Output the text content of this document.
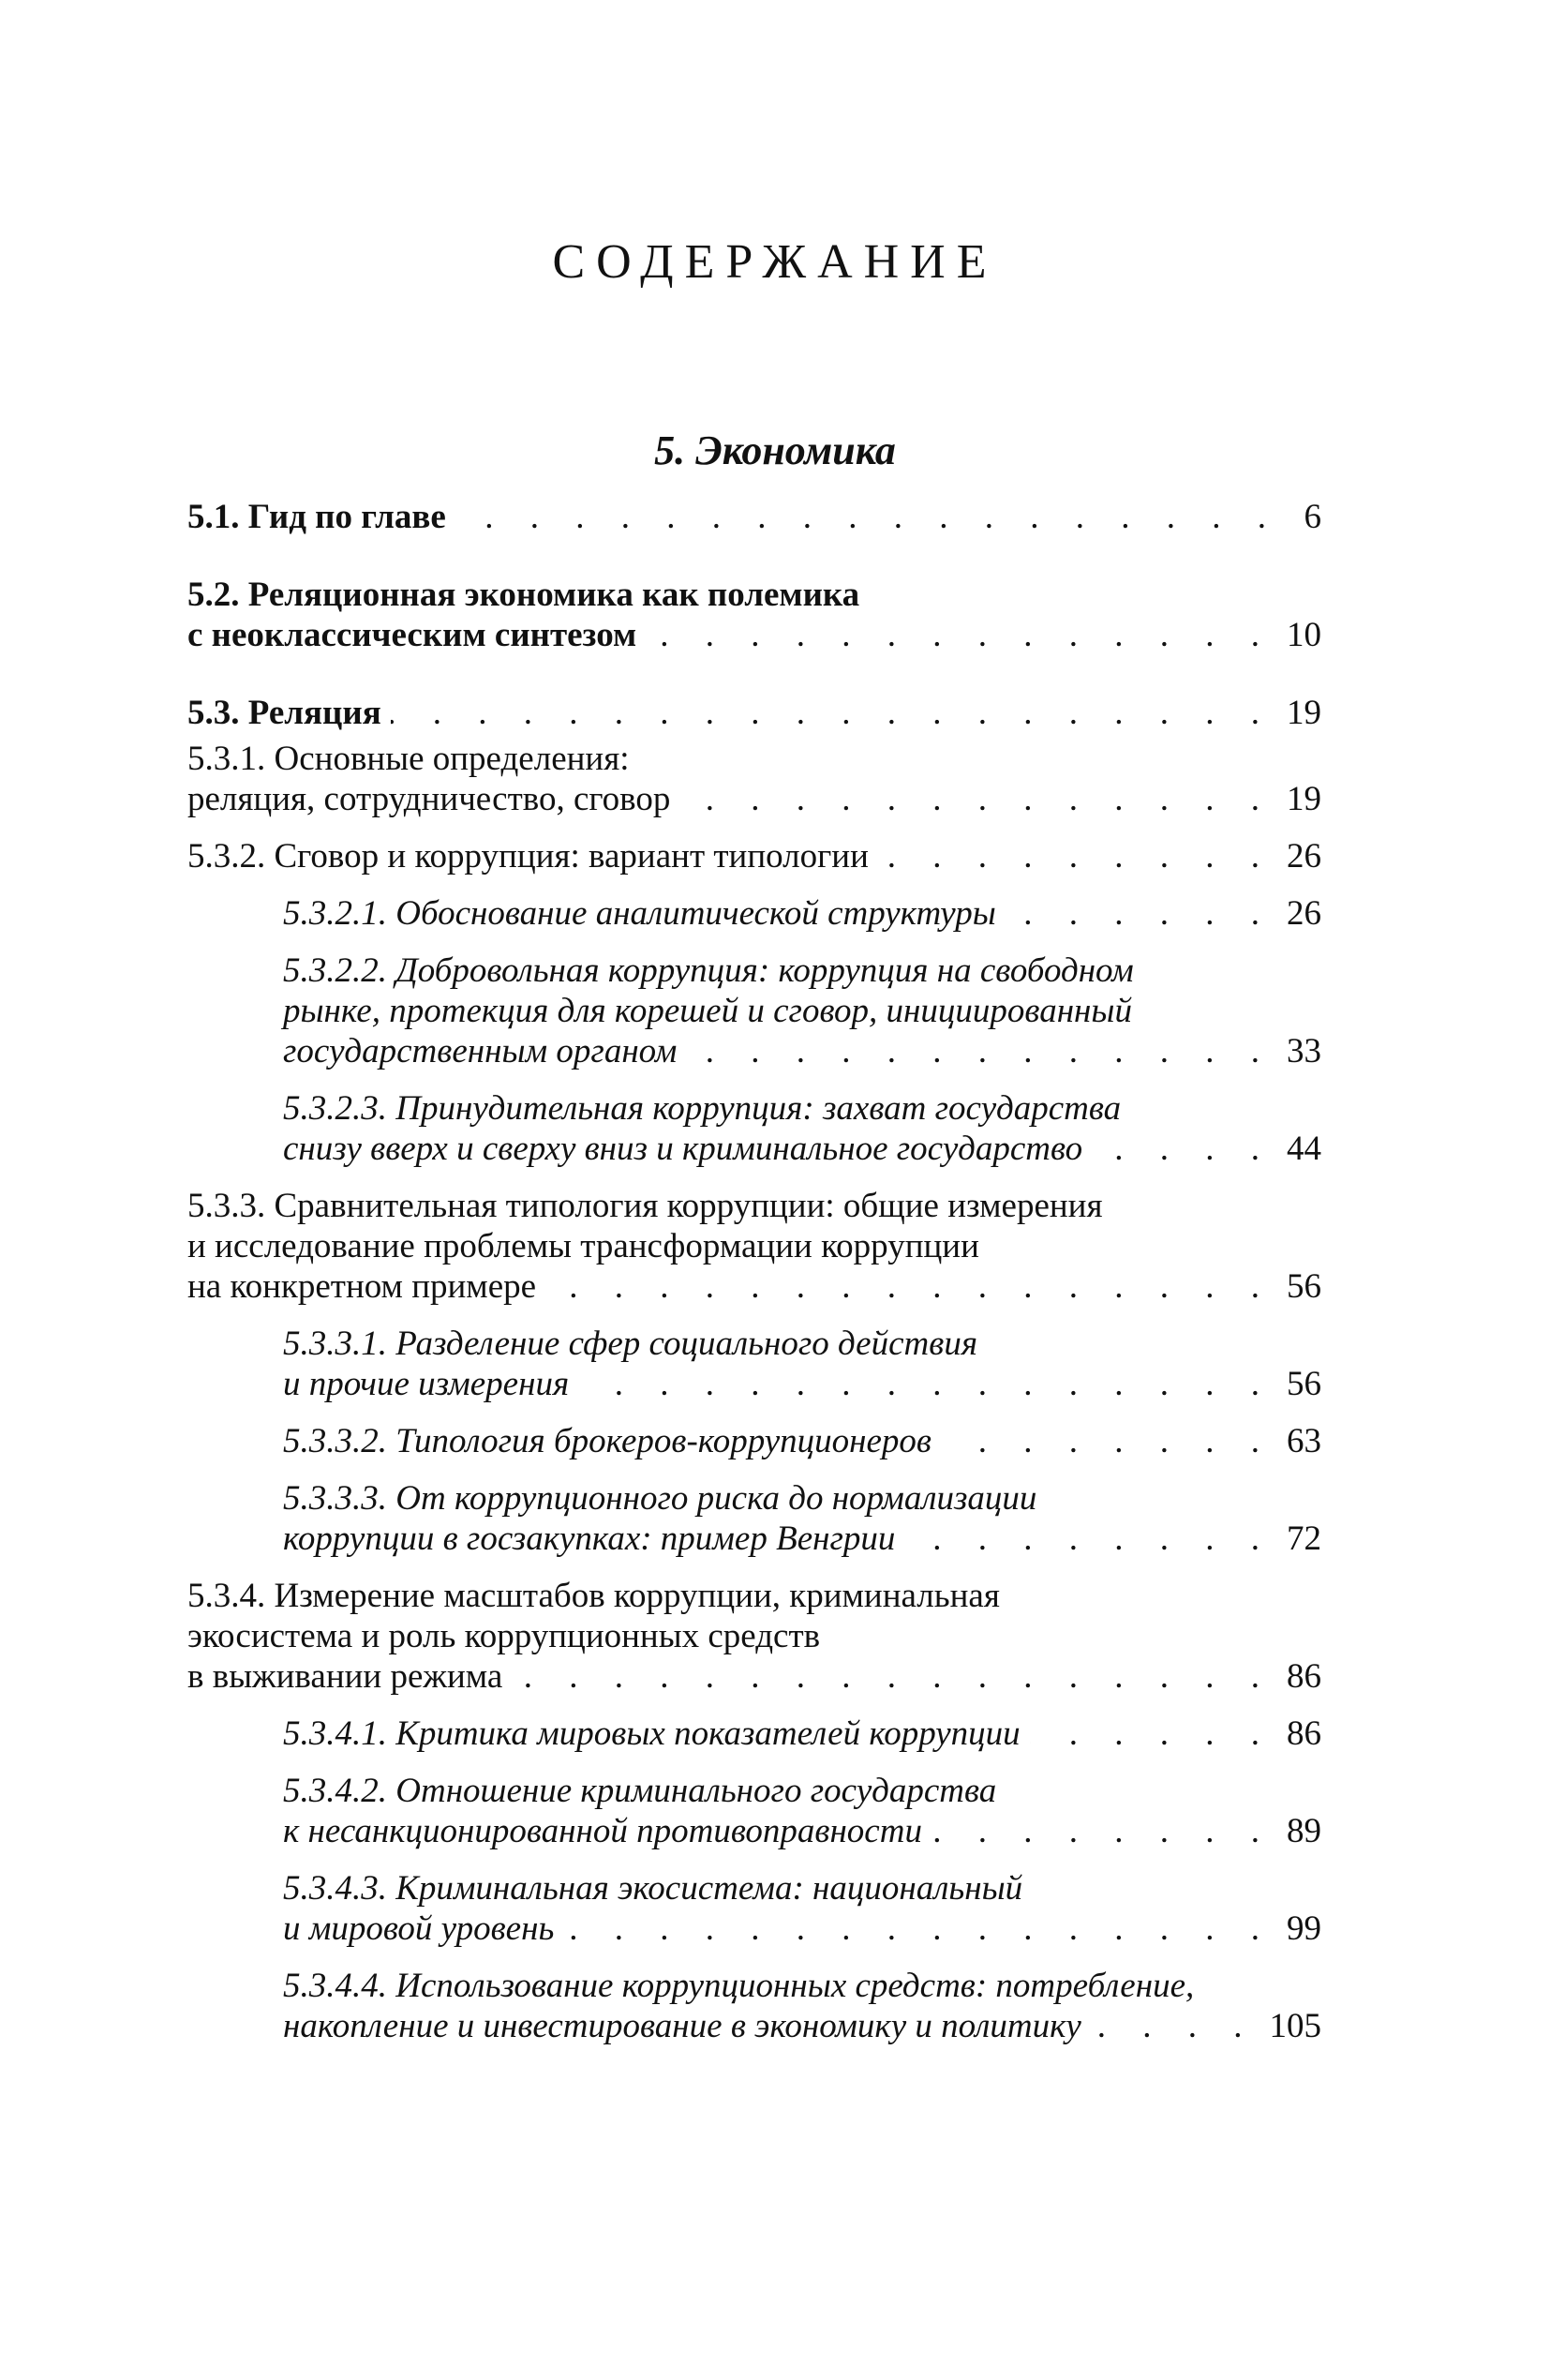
СОДЕРЖАНИЕ
5. Экономика
5.1. Гид по главе . . .	6
5.2. Реляционная экономика как полемика
с неоклассическим синтезом . . .	10
5.3. Реляция . . .	19
5.3.1. Основные определения:
реляция, сотрудничество, сговор . . .	19
5.3.2. Сговор и коррупция: вариант типологии . . .	26
5.3.2.1. Обоснование аналитической структуры . . .	26
5.3.2.2. Добровольная коррупция: коррупция на свободном
рынке, протекция для корешей и сговор, инициированный
государственным органом . . .	33
5.3.2.3. Принудительная коррупция: захват государства
снизу вверх и сверху вниз и криминальное государство . . .	44
5.3.3. Сравнительная типология коррупции: общие измерения
и исследование проблемы трансформации коррупции
на конкретном примере . . .	56
5.3.3.1. Разделение сфер социального действия
и прочие измерения . . .	56
5.3.3.2. Типология брокеров-коррупционеров . . .	63
5.3.3.3. От коррупционного риска до нормализации
коррупции в госзакупках: пример Венгрии . . .	72
5.3.4. Измерение масштабов коррупции, криминальная
экосистема и роль коррупционных средств
в выживании режима . . .	86
5.3.4.1. Критика мировых показателей коррупции . . .	86
5.3.4.2. Отношение криминального государства
к несанкционированной противоправности . . .	89
5.3.4.3. Криминальная экосистема: национальный
и мировой уровень . . .	99
5.3.4.4. Использование коррупционных средств: потребление,
накопление и инвестирование в экономику и политику . . .	105
